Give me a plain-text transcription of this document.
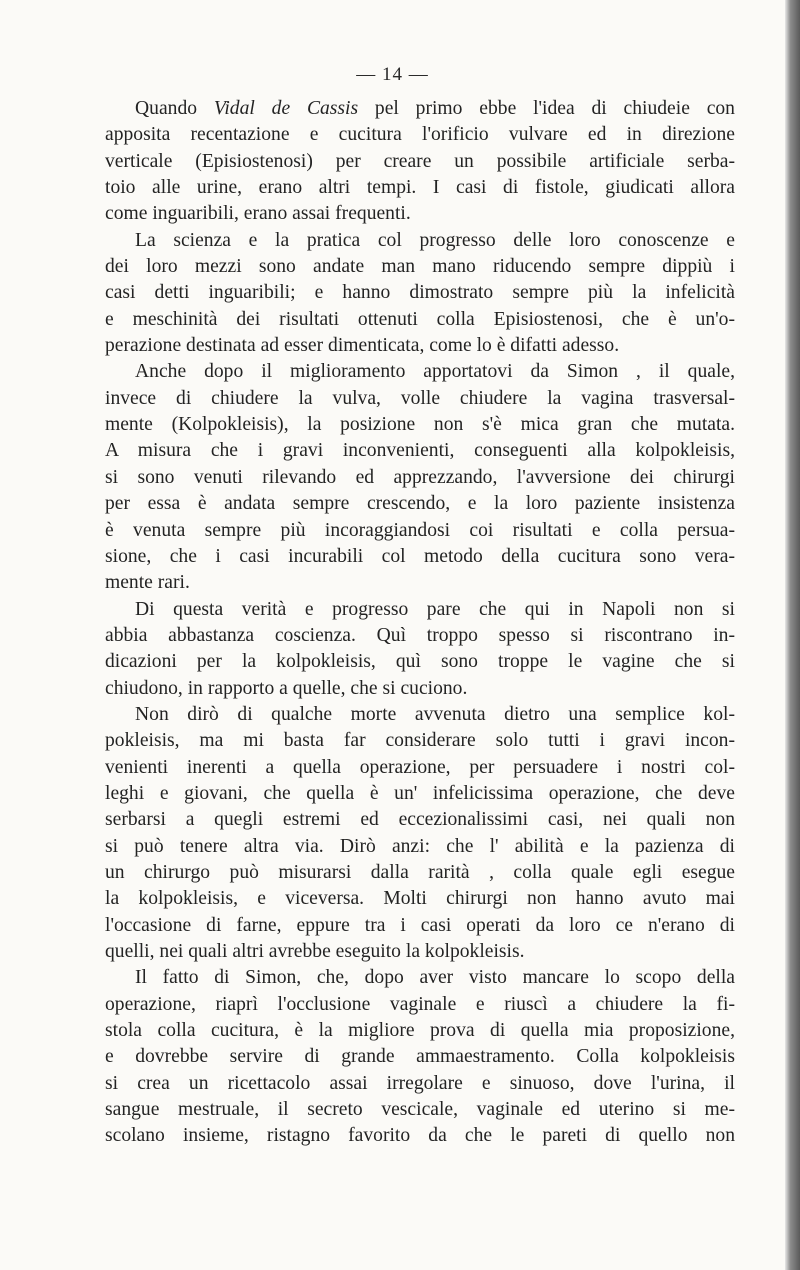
— 14 —
Quando Vidal de Cassis pel primo ebbe l'idea di chiudeie con
apposita recentazione e cucitura l'orificio vulvare ed in direzione
verticale (Episiostenosi) per creare un possibile artificiale serba-
toio alle urine, erano altri tempi. I casi di fistole, giudicati allora
come inguaribili, erano assai frequenti.
La scienza e la pratica col progresso delle loro conoscenze e
dei loro mezzi sono andate man mano riducendo sempre dippiù i
casi detti inguaribili; e hanno dimostrato sempre più la infelicità
e meschinità dei risultati ottenuti colla Episiostenosi, che è un'o-
perazione destinata ad esser dimenticata, come lo è difatti adesso.
Anche dopo il miglioramento apportatovi da Simon , il quale,
invece di chiudere la vulva, volle chiudere la vagina trasversal-
mente (Kolpokleisis), la posizione non s'è mica gran che mutata.
A misura che i gravi inconvenienti, conseguenti alla kolpokleisis,
si sono venuti rilevando ed apprezzando, l'avversione dei chirurgi
per essa è andata sempre crescendo, e la loro paziente insistenza
è venuta sempre più incoraggiandosi coi risultati e colla persua-
sione, che i casi incurabili col metodo della cucitura sono vera-
mente rari.
Di questa verità e progresso pare che qui in Napoli non si
abbia abbastanza coscienza. Quì troppo spesso si riscontrano in-
dicazioni per la kolpokleisis, quì sono troppe le vagine che si
chiudono, in rapporto a quelle, che si cuciono.
Non dirò di qualche morte avvenuta dietro una semplice kol-
pokleisis, ma mi basta far considerare solo tutti i gravi incon-
venienti inerenti a quella operazione, per persuadere i nostri col-
leghi e giovani, che quella è un' infelicissima operazione, che deve
serbarsi a quegli estremi ed eccezionalissimi casi, nei quali non
si può tenere altra via. Dirò anzi: che l' abilità e la pazienza di
un chirurgo può misurarsi dalla rarità , colla quale egli esegue
la kolpokleisis, e viceversa. Molti chirurgi non hanno avuto mai
l'occasione di farne, eppure tra i casi operati da loro ce n'erano di
quelli, nei quali altri avrebbe eseguito la kolpokleisis.
Il fatto di Simon, che, dopo aver visto mancare lo scopo della
operazione, riaprì l'occlusione vaginale e riuscì a chiudere la fi-
stola colla cucitura, è la migliore prova di quella mia proposizione,
e dovrebbe servire di grande ammaestramento. Colla kolpokleisis
si crea un ricettacolo assai irregolare e sinuoso, dove l'urina, il
sangue mestruale, il secreto vescicale, vaginale ed uterino si me-
scolano insieme, ristagno favorito da che le pareti di quello non
